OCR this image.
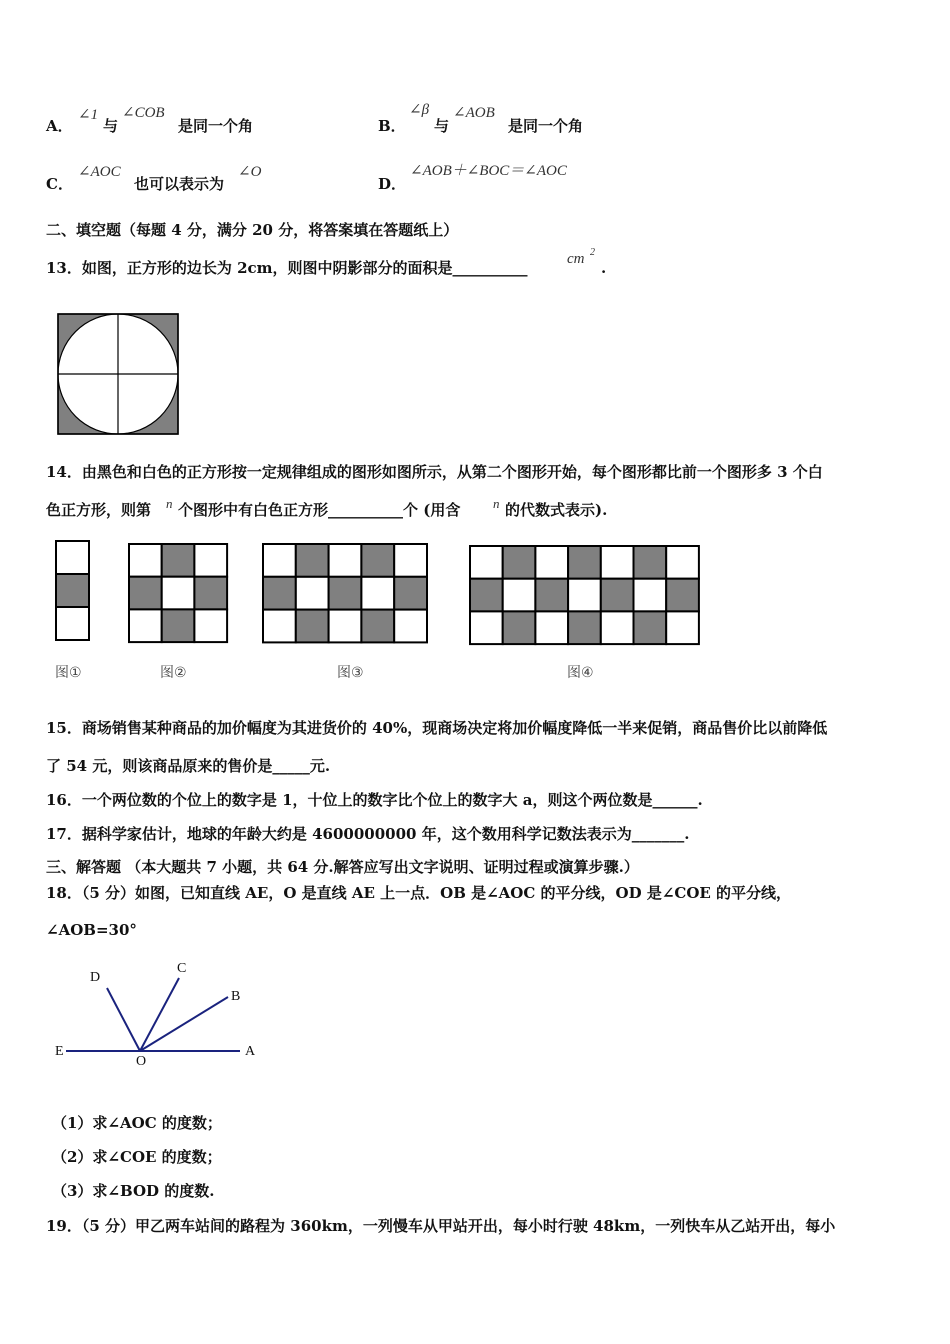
A．
∠1
与
∠COB
是同一个角	B．
∠β
与
∠AOB
是同一个角
C．
∠AOC
也可以表示为
∠O
D．
∠AOB＋∠BOC＝∠AOC
二、填空题（每题 4 分，满分 20 分，将答案填在答题纸上）
13．如图，正方形的边长为 2cm，则图中阴影部分的面积是__________	cm 2
.
14．由黑色和白色的正方形按一定规律组成的图形如图所示，从第二个图形开始，每个图形都比前一个图形多 3 个白
色正方形，则第 n 个图形中有白色正方形__________个 (用含	n 的代数式表示).
图①	图②	图③	图④
15．商场销售某种商品的加价幅度为其进货价的 40%，现商场决定将加价幅度降低一半来促销，商品售价比以前降低
了 54 元，则该商品原来的售价是_____元.
16．一个两位数的个位上的数字是 1，十位上的数字比个位上的数字大 a，则这个两位数是______.
17．据科学家估计，地球的年龄大约是 4600000000 年，这个数用科学记数法表示为_______.
三、解答题 （本大题共 7 小题，共 64 分.解答应写出文字说明、证明过程或演算步骤.）
18．（5 分）如图，已知直线 AE，O 是直线 AE 上一点．OB 是∠AOC 的平分线，OD 是∠COE 的平分线，
∠AOB=30°
D
C
B
E
O
A
（1）求∠AOC 的度数；
（2）求∠COE 的度数；
（3）求∠BOD 的度数.
19．（5 分）甲乙两车站间的路程为 360km，一列慢车从甲站开出，每小时行驶 48km，一列快车从乙站开出，每小
